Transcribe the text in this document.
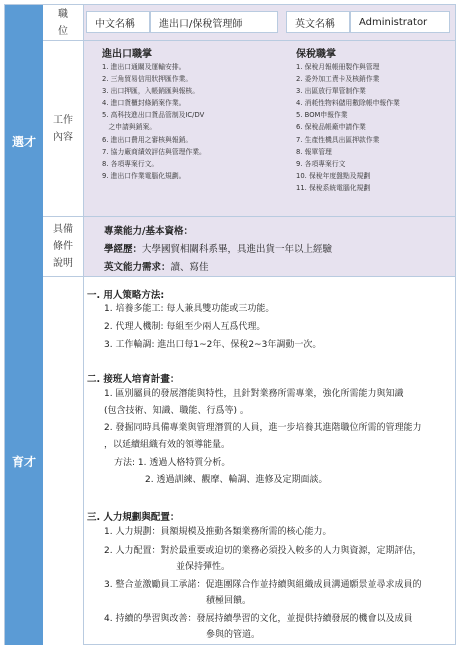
職
位
中文名稱	進出口/保稅管理師	英文名稱	Administrator
選才
工作
內容
進出口職掌
1. 進出口通關及運輸安排。
2. 三角貿易信用狀押匯作業。
3. 出口押匯，入帳銷匯與報核。
4. 進口貨櫃封條銷案作業。
5. 高科技進出口貨品管制及IC/DV
之申請與銷案。
6. 進出口費用之審核與報銷。
7. 協力廠商績效評估與管理作業。
8. 各項專案行文。
9. 進出口作業電腦化規劃。
保稅職掌
1. 保稅月報帳冊製作與管理
2. 委外加工責卡及核銷作業
3. 出區放行單管制作業
4. 消耗性物料儲用數除帳申報作業
5. BOM申報作業
6. 保稅品帳廠申請作業
7. 生產性機具出區押款作業
8. 報單管理
9. 各項專案行文
10. 保稅年度盤點及規劃
11. 保稅系統電腦化規劃
具備
條件
說明
專業能力/基本資格：
學經歷：大學國貿相關科系畢，具進出貨一年以上經驗
英文能力需求：讀、寫佳
育才
一. 用人策略方法:
1. 培養多能工: 每人兼具雙功能或三功能。
2. 代理人機制: 每組至少兩人互爲代理。
3. 工作輪調: 進出口每1~2年、保稅2~3年調動一次。
二. 接班人培育計畫：
1. 區別屬員的發展潛能與特性，且針對業務所需專業，強化所需能力與知識
(包含技術、知識、職能、行爲等) 。
2. 發掘同時具備專業與管理潛質的人員，進一步培養其進階職位所需的管理能力
，以延續組織有效的領導能量。
方法: 1. 透過人格特質分析。
2. 透過訓練、觀摩、輪調、進修及定期面談。
三. 人力規劃與配置：
1. 人力規劃：員額規模及推動各類業務所需的核心能力。
2. 人力配置：對於最重要或迫切的業務必須投入較多的人力與資源，定期評估，
並保持彈性。
3. 整合並激勵員工承諾：促進團隊合作並持續與組織成員溝通願景並尋求成員的
積極回饋。
4. 持續的學習與改善：發展持續學習的文化，並提供持續發展的機會以及成員
參與的管道。
